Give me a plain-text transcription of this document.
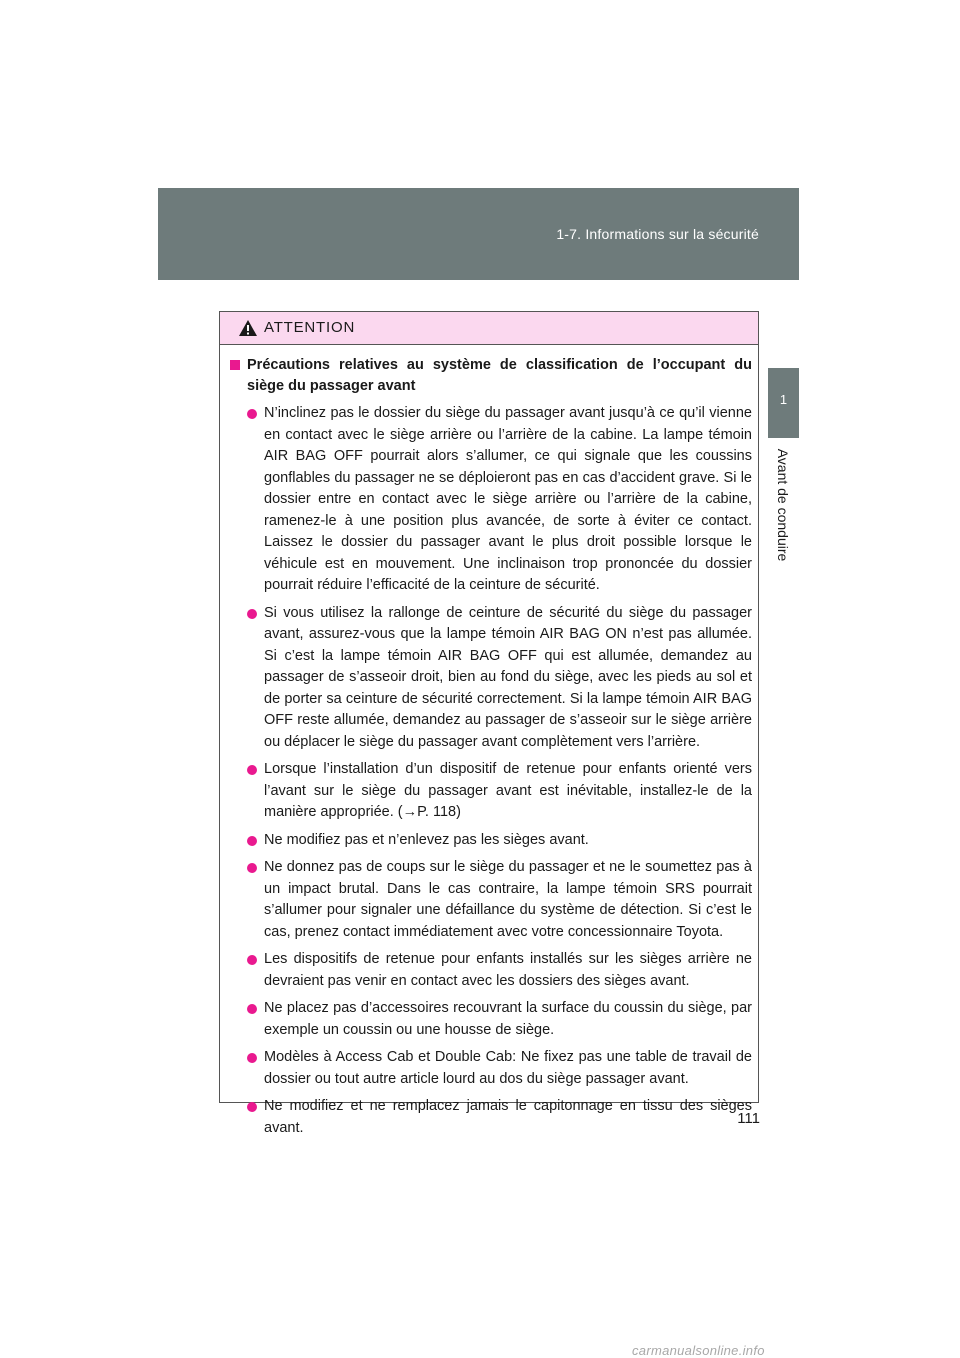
1-7. Informations sur la sécurité
1
Avant de conduire
ATTENTION
Précautions relatives au système de classification de l’occupant du siège du passager avant
N’inclinez pas le dossier du siège du passager avant jusqu’à ce qu’il vienne en contact avec le siège arrière ou l’arrière de la cabine. La lampe témoin AIR BAG OFF pourrait alors s’allumer, ce qui signale que les coussins gonflables du passager ne se déploieront pas en cas d’accident grave. Si le dossier entre en contact avec le siège arrière ou l’arrière de la cabine, ramenez-le à une position plus avancée, de sorte à éviter ce contact. Laissez le dossier du passager avant le plus droit possible lorsque le véhicule est en mouvement. Une inclinaison trop prononcée du dossier pourrait réduire l’efficacité de la ceinture de sécurité.
Si vous utilisez la rallonge de ceinture de sécurité du siège du passager avant, assurez-vous que la lampe témoin AIR BAG ON n’est pas allumée. Si c’est la lampe témoin AIR BAG OFF qui est allumée, demandez au passager de s’asseoir droit, bien au fond du siège, avec les pieds au sol et de porter sa ceinture de sécurité correctement. Si la lampe témoin AIR BAG OFF reste allumée, demandez au passager de s’asseoir sur le siège arrière ou déplacer le siège du passager avant complètement vers l’arrière.
Lorsque l’installation d’un dispositif de retenue pour enfants orienté vers l’avant sur le siège du passager avant est inévitable, installez-le de la manière appropriée. (→P. 118)
Ne modifiez pas et n’enlevez pas les sièges avant.
Ne donnez pas de coups sur le siège du passager et ne le soumettez pas à un impact brutal. Dans le cas contraire, la lampe témoin SRS pourrait s’allumer pour signaler une défaillance du système de détection. Si c’est le cas, prenez contact immédiatement avec votre concessionnaire Toyota.
Les dispositifs de retenue pour enfants installés sur les sièges arrière ne devraient pas venir en contact avec les dossiers des sièges avant.
Ne placez pas d’accessoires recouvrant la surface du coussin du siège, par exemple un coussin ou une housse de siège.
Modèles à Access Cab et Double Cab: Ne fixez pas une table de travail de dossier ou tout autre article lourd au dos du siège passager avant.
Ne modifiez et ne remplacez jamais le capitonnage en tissu des sièges avant.
111
carmanualsonline.info
